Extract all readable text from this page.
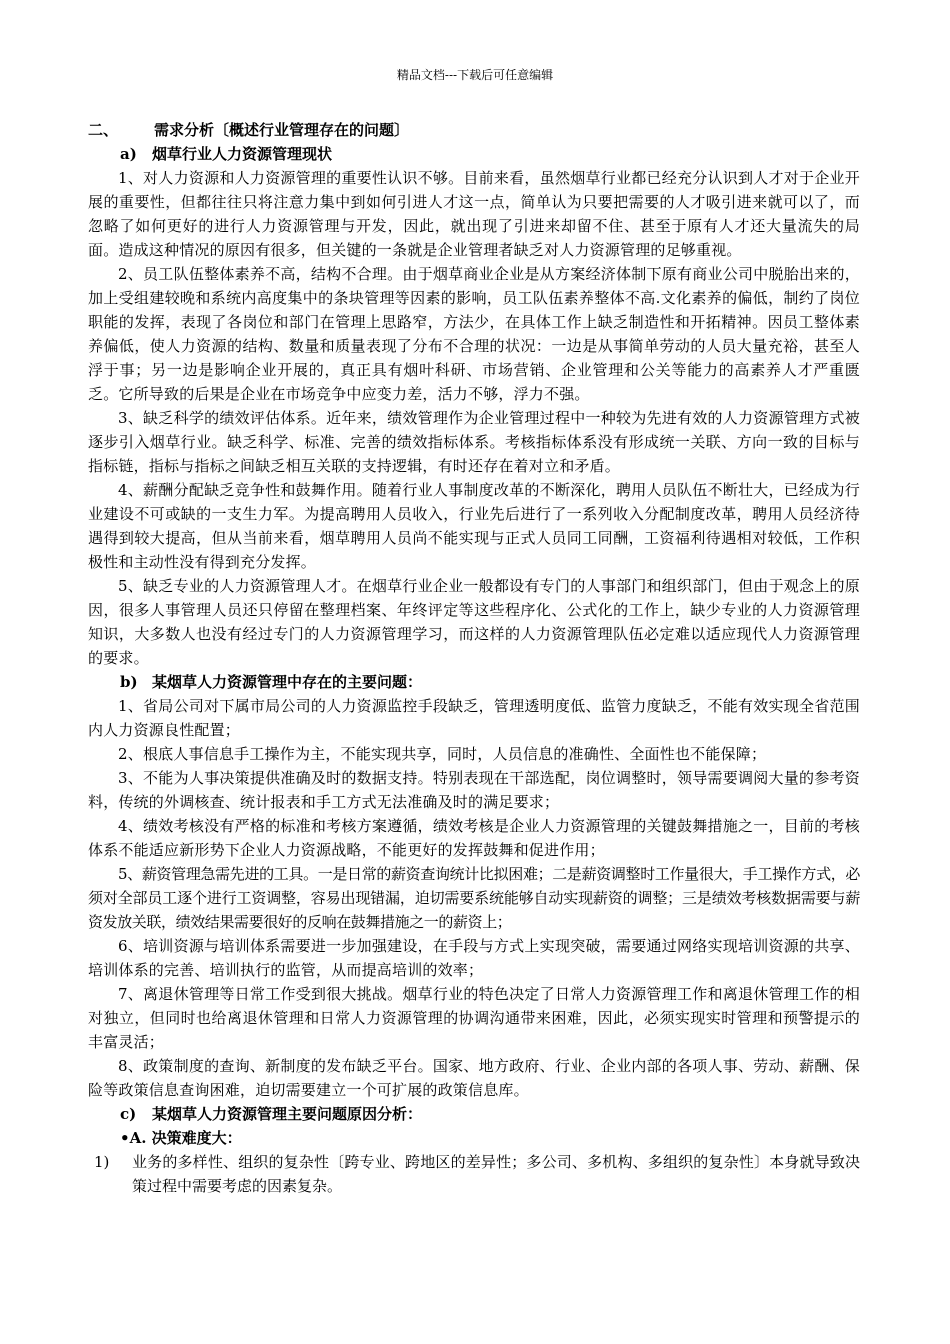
精品文档---下载后可任意编辑
二、 需求分析〔概述行业管理存在的问题〕
a) 烟草行业人力资源管理现状

1、对人力资源和人力资源管理的重要性认识不够。目前来看，虽然烟草行业都已经充分认识到人才对于企业开展的重要性，但都往往只将注意力集中到如何引进人才这一点，简单认为只要把需要的人才吸引进来就可以了，而忽略了如何更好的进行人力资源管理与开发，因此，就出现了引进来却留不住、甚至于原有人才还大量流失的局面。造成这种情况的原因有很多，但关键的一条就是企业管理者缺乏对人力资源管理的足够重视。

2、员工队伍整体素养不高，结构不合理。由于烟草商业企业是从方案经济体制下原有商业公司中脱胎出来的，加上受组建较晚和系统内高度集中的条块管理等因素的影响，员工队伍素养整体不高.文化素养的偏低，制约了岗位职能的发挥，表现了各岗位和部门在管理上思路窄，方法少，在具体工作上缺乏制造性和开拓精神。因员工整体素养偏低，使人力资源的结构、数量和质量表现了分布不合理的状况：一边是从事简单劳动的人员大量充裕，甚至人浮于事；另一边是影响企业开展的，真正具有烟叶科研、市场营销、企业管理和公关等能力的高素养人才严重匮乏。它所导致的后果是企业在市场竞争中应变力差，活力不够，浮力不强。

3、缺乏科学的绩效评估体系。近年来，绩效管理作为企业管理过程中一种较为先进有效的人力资源管理方式被逐步引入烟草行业。缺乏科学、标准、完善的绩效指标体系。考核指标体系没有形成统一关联、方向一致的目标与指标链，指标与指标之间缺乏相互关联的支持逻辑，有时还存在着对立和矛盾。

4、薪酬分配缺乏竞争性和鼓舞作用。随着行业人事制度改革的不断深化，聘用人员队伍不断壮大，已经成为行业建设不可或缺的一支生力军。为提高聘用人员收入，行业先后进行了一系列收入分配制度改革，聘用人员经济待遇得到较大提高，但从当前来看，烟草聘用人员尚不能实现与正式人员同工同酬，工资福利待遇相对较低，工作积极性和主动性没有得到充分发挥。

5、缺乏专业的人力资源管理人才。在烟草行业企业一般都设有专门的人事部门和组织部门，但由于观念上的原因，很多人事管理人员还只停留在整理档案、年终评定等这些程序化、公式化的工作上，缺少专业的人力资源管理知识，大多数人也没有经过专门的人力资源管理学习，而这样的人力资源管理队伍必定难以适应现代人力资源管理的要求。

b) 某烟草人力资源管理中存在的主要问题：

1、省局公司对下属市局公司的人力资源监控手段缺乏，管理透明度低、监管力度缺乏，不能有效实现全省范围内人力资源良性配置；

2、根底人事信息手工操作为主，不能实现共享，同时，人员信息的准确性、全面性也不能保障；

3、不能为人事决策提供准确及时的数据支持。特别表现在干部选配，岗位调整时，领导需要调阅大量的参考资料，传统的外调核查、统计报表和手工方式无法准确及时的满足要求；

4、绩效考核没有严格的标准和考核方案遵循，绩效考核是企业人力资源管理的关键鼓舞措施之一，目前的考核体系不能适应新形势下企业人力资源战略，不能更好的发挥鼓舞和促进作用；

5、薪资管理急需先进的工具。一是日常的薪资查询统计比拟困难；二是薪资调整时工作量很大，手工操作方式，必须对全部员工逐个进行工资调整，容易出现错漏，迫切需要系统能够自动实现薪资的调整；三是绩效考核数据需要与薪资发放关联，绩效结果需要很好的反响在鼓舞措施之一的薪资上；

6、培训资源与培训体系需要进一步加强建设，在手段与方式上实现突破，需要通过网络实现培训资源的共享、培训体系的完善、培训执行的监管，从而提高培训的效率；

7、离退休管理等日常工作受到很大挑战。烟草行业的特色决定了日常人力资源管理工作和离退休管理工作的相对独立，但同时也给离退休管理和日常人力资源管理的协调沟通带来困难，因此，必须实现实时管理和预警提示的丰富灵活；

8、政策制度的查询、新制度的发布缺乏平台。国家、地方政府、行业、企业内部的各项人事、劳动、薪酬、保险等政策信息查询困难，迫切需要建立一个可扩展的政策信息库。

c) 某烟草人力资源管理主要问题原因分析：
•A. 决策难度大：
1)	业务的多样性、组织的复杂性〔跨专业、跨地区的差异性；多公司、多机构、多组织的复杂性〕本身就导致决策过程中需要考虑的因素复杂。
